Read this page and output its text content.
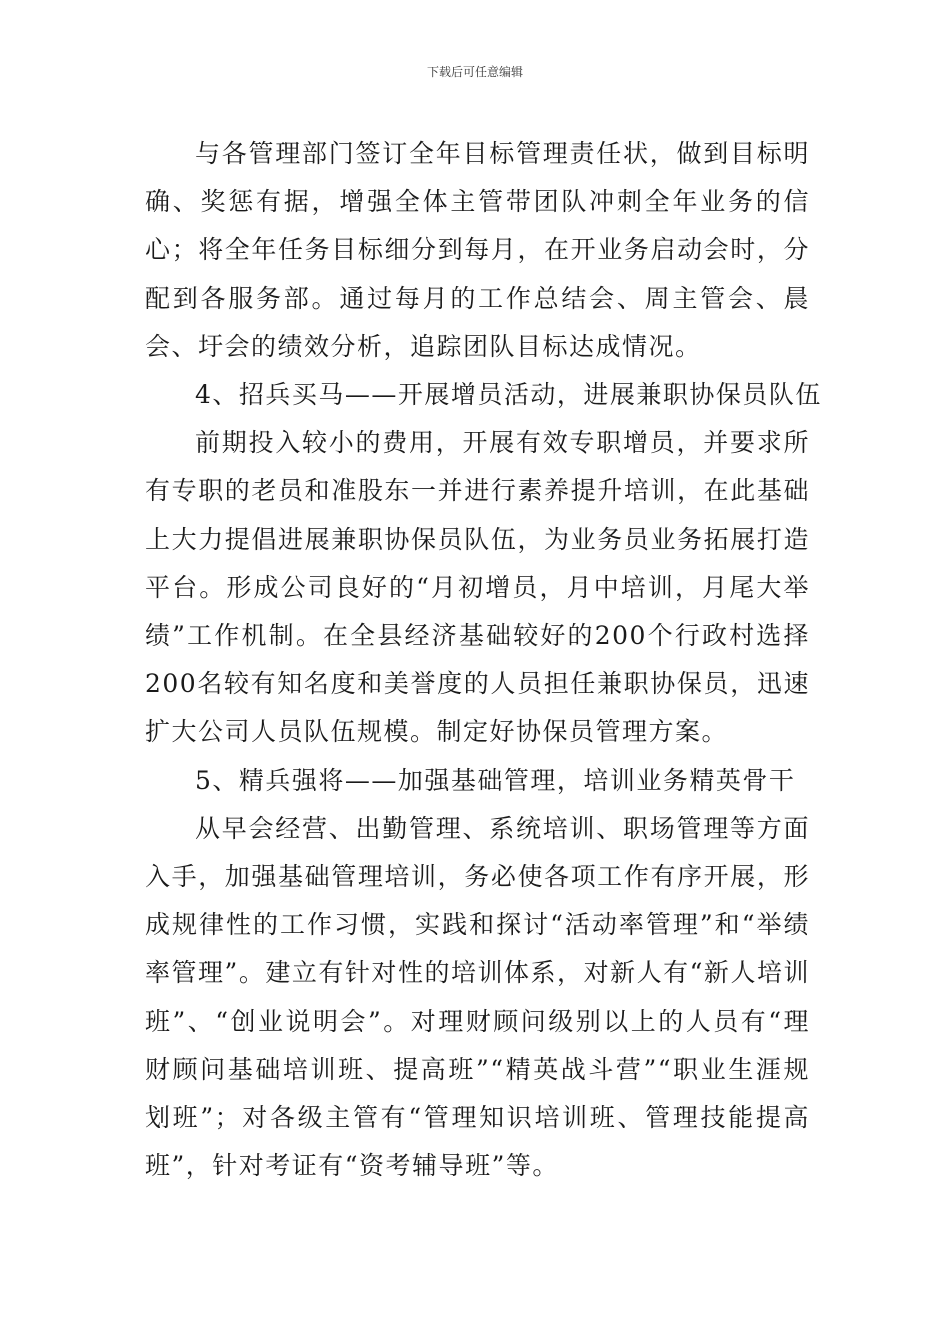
下载后可任意编辑

与各管理部门签订全年目标管理责任状，做到目标明确、奖惩有据，增强全体主管带团队冲刺全年业务的信心；将全年任务目标细分到每月，在开业务启动会时，分配到各服务部。通过每月的工作总结会、周主管会、晨会、圩会的绩效分析，追踪团队目标达成情况。

4、招兵买马——开展增员活动，进展兼职协保员队伍

前期投入较小的费用，开展有效专职增员，并要求所有专职的老员和准股东一并进行素养提升培训，在此基础上大力提倡进展兼职协保员队伍，为业务员业务拓展打造平台。形成公司良好的“月初增员，月中培训，月尾大举绩”工作机制。在全县经济基础较好的200个行政村选择200名较有知名度和美誉度的人员担任兼职协保员，迅速扩大公司人员队伍规模。制定好协保员管理方案。

5、精兵强将——加强基础管理，培训业务精英骨干

从早会经营、出勤管理、系统培训、职场管理等方面入手，加强基础管理培训，务必使各项工作有序开展，形成规律性的工作习惯，实践和探讨“活动率管理”和“举绩率管理”。建立有针对性的培训体系，对新人有“新人培训班”、“创业说明会”。对理财顾问级别以上的人员有“理财顾问基础培训班、提高班”“精英战斗营”“职业生涯规划班”；对各级主管有“管理知识培训班、管理技能提高班”，针对考证有“资考辅导班”等。
